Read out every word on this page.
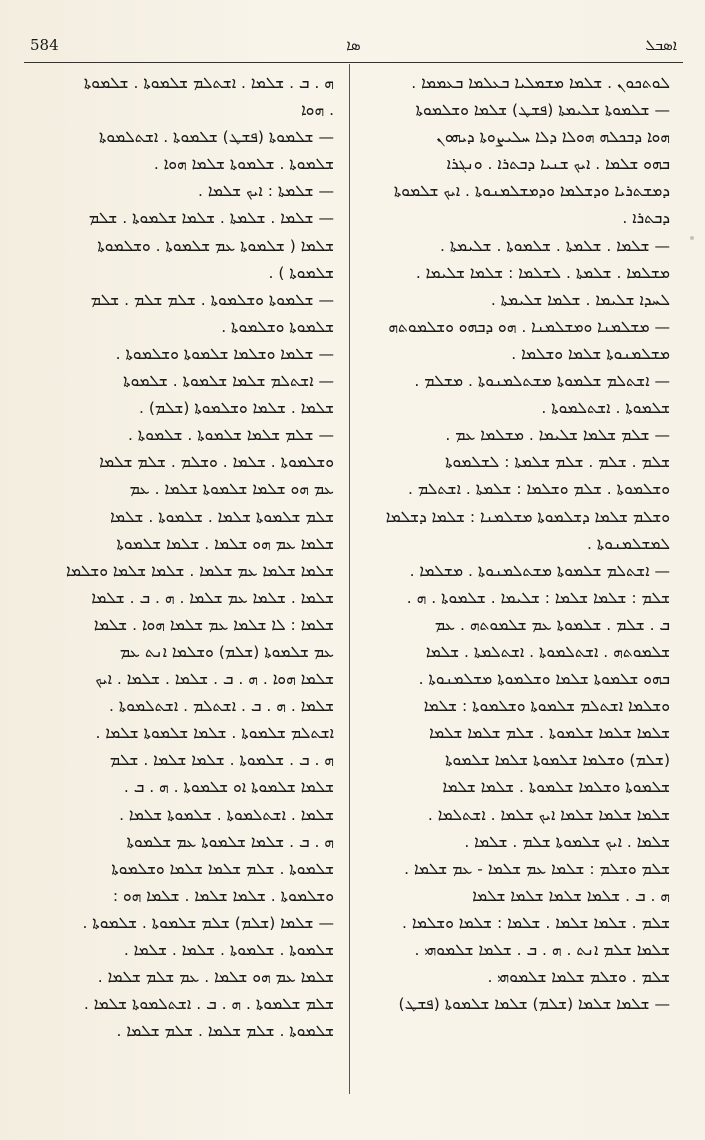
584	ܣܐ	ܐܣܒܠ
ܠܘܬܟܘܢ . ܫܠܡܐ ܡܫܡܠܝܐ ܒܥܠܡܐ ܒܥܡܡܐ .
— ܫܠܡܘܬܐ ܫܠܝܡܬܐ (ܦܫܛ) ܫܠܡܐ ܘܫܠܡܘܬܐ
ܗܘܐ ܕܒܟܠܗ ܗܘܠܐ ܕܠܐ ܚܠܝܨܘܬܐ ܕܝܗܘܢ
ܒܗܘ ܫܠܡܐ . ܐܝܟ ܫܢܝܐ ܕܒܬܪܐ . ܘܢܓܪܐ
ܕܡܫܬܪܝܐ ܘܕܫܠܡܐ ܘܕܡܫܠܡܢܘܬܐ . ܐܝܟ ܫܠܡܘܬܐ
ܕܒܬܪܐ .
— ܫܠܡܐ . ܫܠܡܬܐ . ܫܠܡܘܬܐ . ܫܠܝܡܬܐ .
ܡܫܠܡܐ . ܫܠܡܬܐ . ܠܫܠܡܐ : ܫܠܡܐ ܫܠܝܡܐ .
ܠܚܕܐ ܫܠܝܡܐ . ܫܠܡܐ ܫܠܝܡܬܐ .
— ܡܫܠܡܢܐ ܘܡܫܠܡܢܐ . ܗܘ ܕܒܗܘ ܘܫܠܡܘܬܗ
ܡܫܠܡܢܘܬܐ ܫܠܡܐ ܘܫܠܡܐ .
— ܐܫܬܠܡ ܫܠܡܘܬܐ ܡܫܬܠܡܢܘܬܐ . ܡܫܠܡ .
ܫܠܡܘܬܐ . ܐܫܬܠܡܘܬܐ .
— ܫܠܡ ܫܠܡܐ ܫܠܝܡܐ . ܡܫܠܡܐ ܥܡ .
ܫܠܡ . ܫܠܡ . ܫܠܡ ܫܠܡܬܐ : ܠܫܠܡܘܬܐ
ܘܫܠܡܘܬܐ . ܫܠܡ ܘܫܠܡܐ : ܫܠܡܬܐ . ܐܫܬܠܡ .
ܘܫܠܡ ܫܠܡܐ ܕܫܠܡܘܬܐ ܡܫܠܡܢܐ : ܫܠܡܐ ܕܫܠܡܐ
ܠܡܫܠܡܢܘܬܐ .
— ܐܫܬܠܡ ܫܠܡܘܬܐ ܡܫܬܠܡܢܘܬܐ . ܡܫܠܡܐ .
ܫܠܡ : ܫܠܡܐ ܫܠܡܐ : ܫܠܝܡܐ . ܫܠܡܘܬܐ . ܗ .
ܒ . ܫܠܡ . ܫܠܡܘܬܐ ܥܡ ܫܠܡܘܬܗ . ܥܡ
ܫܠܡܘܬܗ . ܐܫܬܠܡܘܬܐ . ܐܫܬܠܡܬܐ . ܫܠܡܐ
ܒܗܘ ܫܠܡܘܬܐ ܫܠܡܐ ܘܫܠܡܘܬܐ ܡܫܠܡܢܘܬܐ .
ܘܫܠܡܐ ܐܫܬܠܡ ܫܠܡܘܬܐ ܘܫܠܡܘܬܐ : ܫܠܡܐ
ܫܠܡܐ ܫܠܡܐ ܫܠܡܘܬܐ . ܫܠܡ ܫܠܡܐ ܫܠܡܐ
(ܫܠܡ) ܘܫܠܡܐ ܫܠܡܘܬܐ ܫܠܡܐ ܫܠܡܘܬܐ
ܫܠܡܘܬܐ ܘܫܠܡܐ ܫܠܡܘܬܐ . ܫܠܡܐ ܫܠܡܐ
ܫܠܡܐ ܫܠܡܐ ܫܠܡܐ ܐܝܟ ܫܠܡܐ . ܐܫܬܠܡܐ .
ܫܠܡܐ . ܐܝܟ ܫܠܡܘܬܐ ܫܠܡ . ܫܠܡܐ .
ܫܠܡ ܘܫܠܡ : ܫܠܡܐ ܥܡ ܫܠܡܐ - ܥܡ ܫܠܡܐ .
ܗ . ܒ . ܫܠܡܐ ܫܠܡܐ ܫܠܡܐ ܫܠܡܐ
ܫܠܡ . ܫܠܡܐ ܫܠܡܐ . ܫܠܡܐ : ܫܠܡܐ ܘܫܠܡܐ .
ܫܠܡܐ ܫܠܡ ܐܢܬ . ܗ . ܒ . ܫܠܡܐ ܫܠܡܘܗܝ .
ܫܠܡ . ܘܫܠܡ ܫܠܡܐ ܫܠܡܘܗܝ .
— ܫܠܡܐ ܫܠܡܐ (ܫܠܡ) ܫܠܡܐ ܫܠܡܘܬܐ (ܦܫܛ)
ܗ . ܒ . ܫܠܡܐ . ܐܫܬܠܡ ܫܠܡܘܬܐ . ܫܠܡܘܬܐ
. ܗܘܐ
— ܫܠܡܘܬܐ (ܦܫܛ) ܫܠܡܘܬܐ . ܐܫܬܠܡܘܬܐ
ܫܠܡܘܬܐ . ܫܠܡܘܬܐ ܫܠܡܐ ܗܘܐ .
— ܫܠܡܬܐ : ܐܝܟ ܫܠܡܐ .
— ܫܠܡܐ . ܫܠܡܬܐ . ܫܠܡܐ ܫܠܡܘܬܐ . ܫܠܡ
ܫܠܡܐ ( ܫܠܡܘܬܐ ܥܡ ܫܠܡܘܬܐ . ܘܫܠܡܘܬܐ
ܫܠܡܘܬܐ ) .
— ܫܠܡܘܬܐ ܘܫܠܡܘܬܐ . ܫܠܡ ܫܠܡ . ܫܠܡ
ܫܠܡܘܬܐ ܘܫܠܡܘܬܐ .
— ܫܠܡܐ ܘܫܠܡܐ ܫܠܡܘܬܐ ܘܫܠܡܘܬܐ .
— ܐܫܬܠܡ ܫܠܡܐ ܫܠܡܘܬܐ . ܫܠܡܘܬܐ
ܫܠܡܐ . ܫܠܡܐ ܘܫܠܡܘܬܐ (ܫܠܡ) .
— ܫܠܡ ܫܠܡܐ ܫܠܡܘܬܐ . ܫܠܡܘܬܐ .
ܘܫܠܡܘܬܐ . ܫܠܡܐ . ܘܫܠܡ . ܫܠܡ ܫܠܡܐ
ܥܡ ܗܘ ܫܠܡܐ ܫܠܡܘܬܐ ܫܠܡܐ . ܥܡ
ܫܠܡ ܫܠܡܘܬܐ ܫܠܡܐ . ܫܠܡܘܬܐ . ܫܠܡܐ
ܫܠܡܐ ܥܡ ܗܘ ܫܠܡܐ . ܫܠܡܐ ܫܠܡܘܬܐ
ܫܠܡܐ ܫܠܡܐ ܥܡ ܫܠܡܐ . ܫܠܡܐ ܫܠܡܐ ܘܫܠܡܐ
ܫܠܡܐ . ܫܠܡܐ ܥܡ ܫܠܡܐ . ܗ . ܒ . ܫܠܡܐ
ܫܠܡܐ : ܠܐ ܫܠܡܐ ܥܡ ܫܠܡܐ ܗܘܐ . ܫܠܡܐ
ܥܡ ܫܠܡܘܬܐ (ܫܠܡ) ܘܫܠܡܐ ܐܢܬ ܥܡ
ܫܠܡܐ ܗܘܐ . ܗ . ܒ . ܫܠܡܐ . ܫܠܡܐ . ܐܝܟ
ܫܠܡܐ . ܗ . ܒ . ܐܫܬܠܡ . ܐܫܬܠܡܘܬܐ .
ܐܫܬܠܡ ܫܠܡܘܬܐ . ܫܠܡܐ ܫܠܡܘܬܐ ܫܠܡܐ .
ܗ . ܒ . ܫܠܡܘܬܐ . ܫܠܡܐ ܫܠܡܐ . ܫܠܡ
ܫܠܡܐ ܫܠܡܘܬܐ ܐܘ ܫܠܡܘܬܐ . ܗ . ܒ .
ܫܠܡܐ . ܐܫܬܠܡܘܬܐ . ܫܠܡܘܬܐ ܫܠܡܐ .
ܗ . ܒ . ܫܠܡܐ ܫܠܡܘܬܐ ܥܡ ܫܠܡܘܬܐ
ܫܠܡܘܬܐ . ܫܠܡ ܫܠܡܐ ܫܠܡܐ ܘܫܠܡܘܬܐ
ܘܫܠܡܘܬܐ . ܫܠܡܐ ܫܠܡܐ . ܫܠܡܐ ܗܘ :
— ܫܠܡܐ (ܫܠܡ) ܫܠܡ ܫܠܡܘܬܐ . ܫܠܡܘܬܐ .
ܫܠܡܘܬܐ . ܫܠܡܘܬܐ . ܫܠܡܐ . ܫܠܡܐ .
ܫܠܡܐ ܥܡ ܗܘ ܫܠܡܐ . ܥܡ ܫܠܡ ܫܠܡܐ .
ܫܠܡ ܫܠܡܘܬܐ . ܗ . ܒ . ܐܫܬܠܡܘܬܐ ܫܠܡܐ .
ܫܠܡܘܬܐ . ܫܠܡ ܫܠܡܐ . ܫܠܡ ܫܠܡܐ .
